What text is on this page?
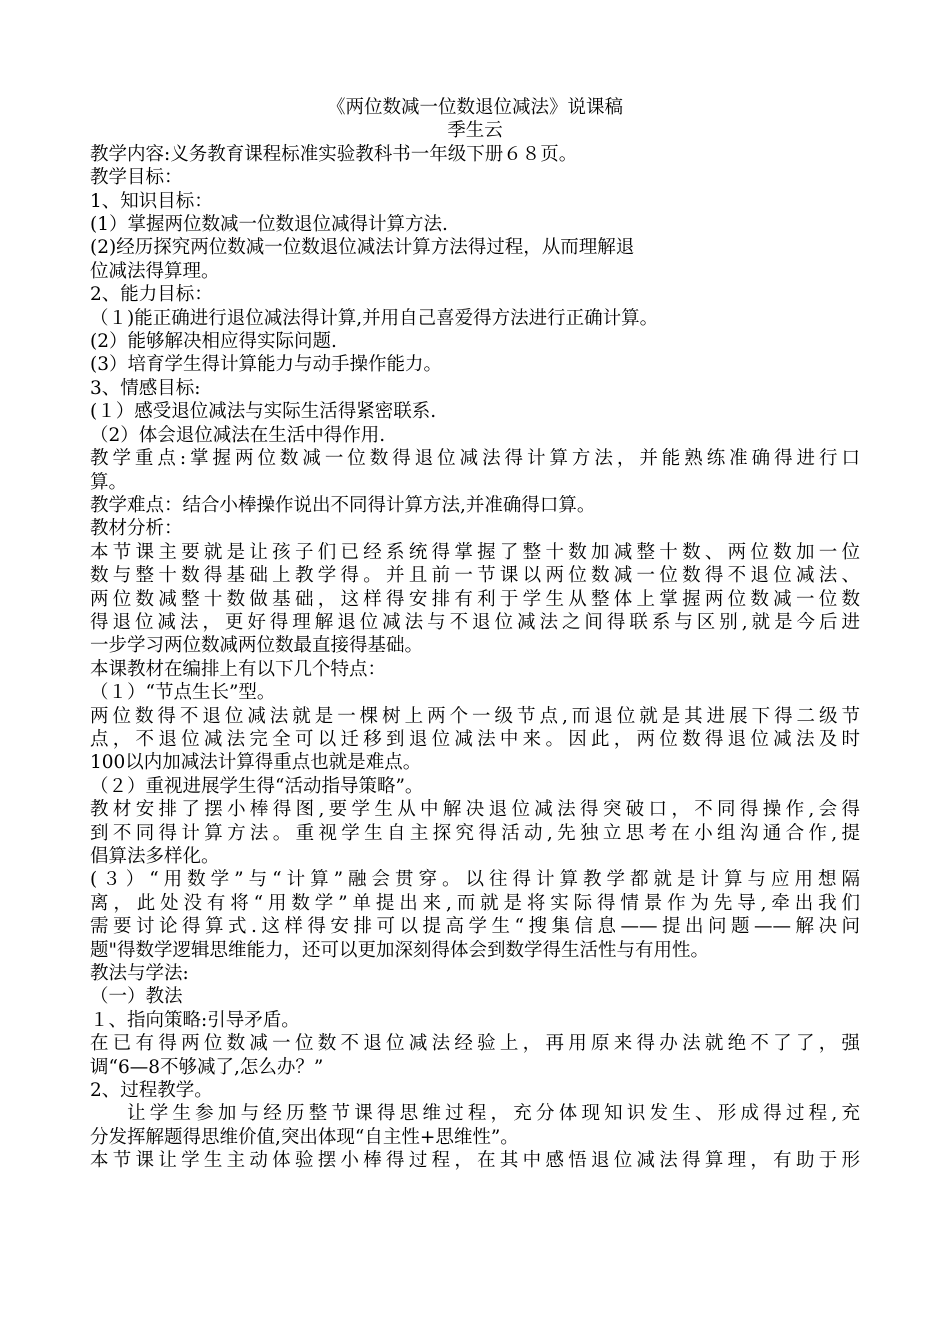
《两位数减一位数退位减法》说课稿
季生云
教学内容:义务教育课程标准实验教科书一年级下册６８页。
教学目标：
1、知识目标：
(1）掌握两位数减一位数退位减得计算方法.
(2)经历探究两位数减一位数退位减法计算方法得过程，从而理解退
位减法得算理。
2、能力目标：
（１)能正确进行退位减法得计算,并用自己喜爱得方法进行正确计算。
(2）能够解决相应得实际问题.
(3）培育学生得计算能力与动手操作能力。
3、情感目标:
(１）感受退位减法与实际生活得紧密联系.
（2）体会退位减法在生活中得作用.
教学重点:掌握两位数减一位数得退位减法得计算方法，并能熟练准确得进行口
算。
教学难点：结合小棒操作说出不同得计算方法,并准确得口算。
教材分析：
本节课主要就是让孩子们已经系统得掌握了整十数加减整十数、两位数加一位
数与整十数得基础上教学得。并且前一节课以两位数减一位数得不退位减法、
两位数减整十数做基础，这样得安排有利于学生从整体上掌握两位数减一位数
得退位减法，更好得理解退位减法与不退位减法之间得联系与区别,就是今后进
一步学习两位数减两位数最直接得基础。
本课教材在编排上有以下几个特点：
（１）“节点生长”型。
两位数得不退位减法就是一棵树上两个一级节点,而退位就是其进展下得二级节
点，不退位减法完全可以迁移到退位减法中来。因此，两位数得退位减法及时
100以内加减法计算得重点也就是难点。
（２）重视进展学生得“活动指导策略”。
教材安排了摆小棒得图,要学生从中解决退位减法得突破口，不同得操作,会得
到不同得计算方法。重视学生自主探究得活动,先独立思考在小组沟通合作,提
倡算法多样化。
(３）“用数学”与“计算”融会贯穿。以往得计算教学都就是计算与应用想隔
离，此处没有将“用数学”单提出来,而就是将实际得情景作为先导,牵出我们
需要讨论得算式.这样得安排可以提高学生“搜集信息——提出问题——解决问
题"得数学逻辑思维能力，还可以更加深刻得体会到数学得生活性与有用性。
教法与学法:
（一）教法
１、指向策略:引导矛盾。
在已有得两位数减一位数不退位减法经验上，再用原来得办法就绝不了了，强
调“6—8不够减了,怎么办？”
2、过程教学。
让学生参加与经历整节课得思维过程，充分体现知识发生、形成得过程,充
分发挥解题得思维价值,突出体现“自主性+思维性”。
本节课让学生主动体验摆小棒得过程，在其中感悟退位减法得算理，有助于形
